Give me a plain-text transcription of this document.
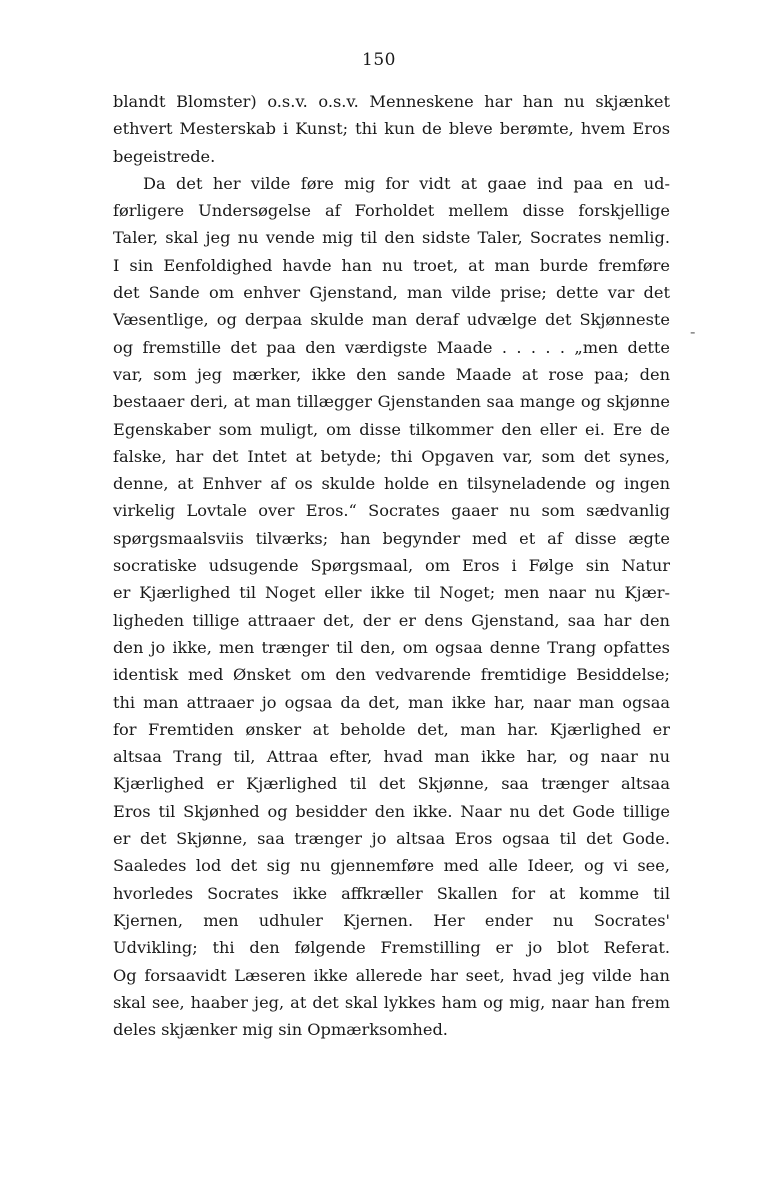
150
-
blandt Blomster) o.s.v. o.s.v. Menneskene har han nu skjænket
ethvert Mesterskab i Kunst; thi kun de bleve berømte, hvem Eros
begeistrede.
Da det her vilde føre mig for vidt at gaae ind paa en ud-
førligere Undersøgelse af Forholdet mellem disse forskjellige
Taler, skal jeg nu vende mig til den sidste Taler, Socrates nemlig.
I sin Eenfoldighed havde han nu troet, at man burde fremføre
det Sande om enhver Gjenstand, man vilde prise; dette var det
Væsentlige, og derpaa skulde man deraf udvælge det Skjønneste
og fremstille det paa den værdigste Maade . . . . . „men dette
var, som jeg mærker, ikke den sande Maade at rose paa; den
bestaaer deri, at man tillægger Gjenstanden saa mange og skjønne
Egenskaber som muligt, om disse tilkommer den eller ei. Ere de
falske, har det Intet at betyde; thi Opgaven var, som det synes,
denne, at Enhver af os skulde holde en tilsyneladende og ingen
virkelig Lovtale over Eros.“ Socrates gaaer nu som sædvanlig
spørgsmaalsviis tilværks; han begynder med et af disse ægte
socratiske udsugende Spørgsmaal, om Eros i Følge sin Natur
er Kjærlighed til Noget eller ikke til Noget; men naar nu Kjær-
ligheden tillige attraaer det, der er dens Gjenstand, saa har den
den jo ikke, men trænger til den, om ogsaa denne Trang opfattes
identisk med Ønsket om den vedvarende fremtidige Besiddelse;
thi man attraaer jo ogsaa da det, man ikke har, naar man ogsaa
for Fremtiden ønsker at beholde det, man har. Kjærlighed er
altsaa Trang til, Attraa efter, hvad man ikke har, og naar nu
Kjærlighed er Kjærlighed til det Skjønne, saa trænger altsaa
Eros til Skjønhed og besidder den ikke. Naar nu det Gode tillige
er det Skjønne, saa trænger jo altsaa Eros ogsaa til det Gode.
Saaledes lod det sig nu gjennemføre med alle Ideer, og vi see,
hvorledes Socrates ikke affkræller Skallen for at komme til
Kjernen, men udhuler Kjernen. Her ender nu Socrates'
Udvikling; thi den følgende Fremstilling er jo blot Referat.
Og forsaavidt Læseren ikke allerede har seet, hvad jeg vilde han
skal see, haaber jeg, at det skal lykkes ham og mig, naar han frem
deles skjænker mig sin Opmærksomhed.
